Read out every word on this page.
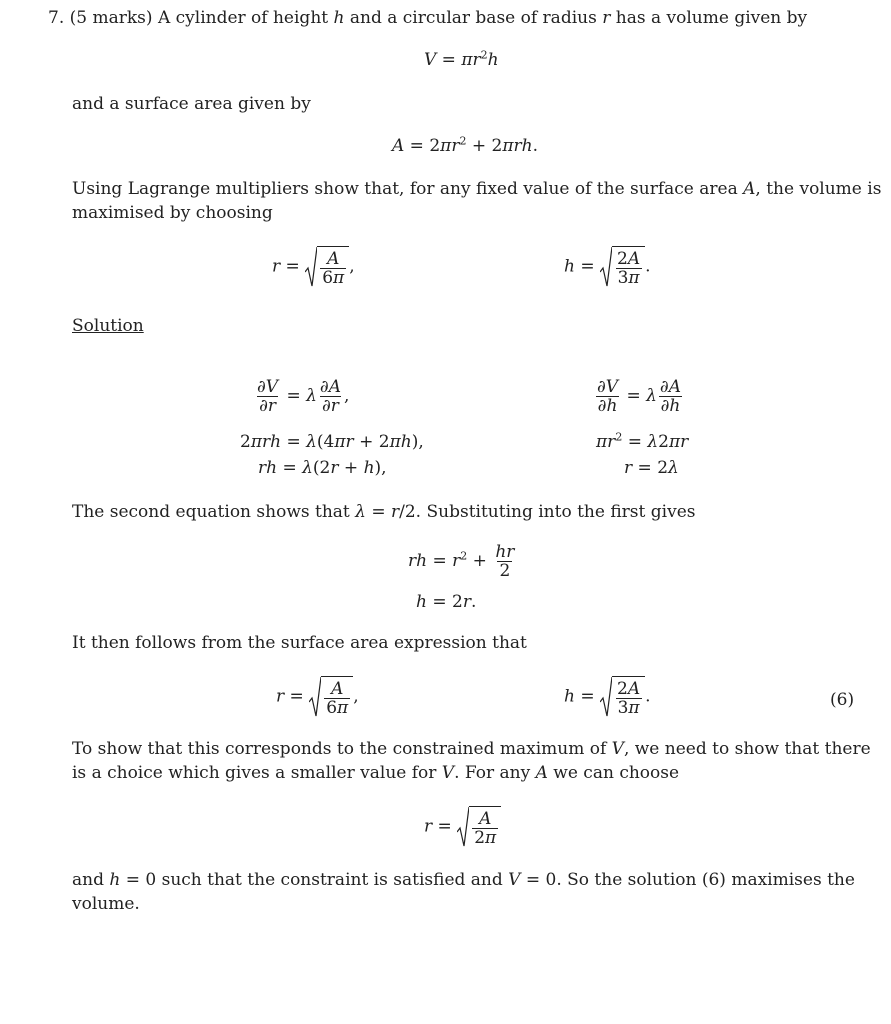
7. (5 marks) A cylinder of height h and a circular base of radius r has a volume given by
$V = \pi r^2h$
and a surface area given by
$A = 2\pi r^2 + 2\pi rh$.
Using Lagrange multipliers show that, for any fixed value of the surface area A, the volume is
maximised by choosing
$r = \frac{A}{6\pi}$ ,	$h = \frac{2A}{3\pi}$ .
Solution
$\frac{\partial V}{\partial r} = \lambda \frac{\partial A}{\partial r}$ ,
2πrh = λ(4πr + 2πh),
rh = λ(2r + h),
$\frac{\partial V}{\partial h} = \lambda \frac{\partial A}{\partial h}$
$\pi r^2 = \lambda 2\pi r$
r = 2λ
The second equation shows that λ = r/2. Substituting into the first gives
rh = $r^2 + \frac{hr}{2}$
h = 2r.
It then follows from the surface area expression that
$r = \frac{A}{6\pi}$ ,	$h = \frac{2A}{3\pi}$ .	(6)
To show that this corresponds to the constrained maximum of V, we need to show that there
is a choice which gives a smaller value for V. For any A we can choose
$r = \frac{A}{2\pi}$
and h = 0 such that the constraint is satisfied and V = 0. So the solution (6) maximises the
volume.
